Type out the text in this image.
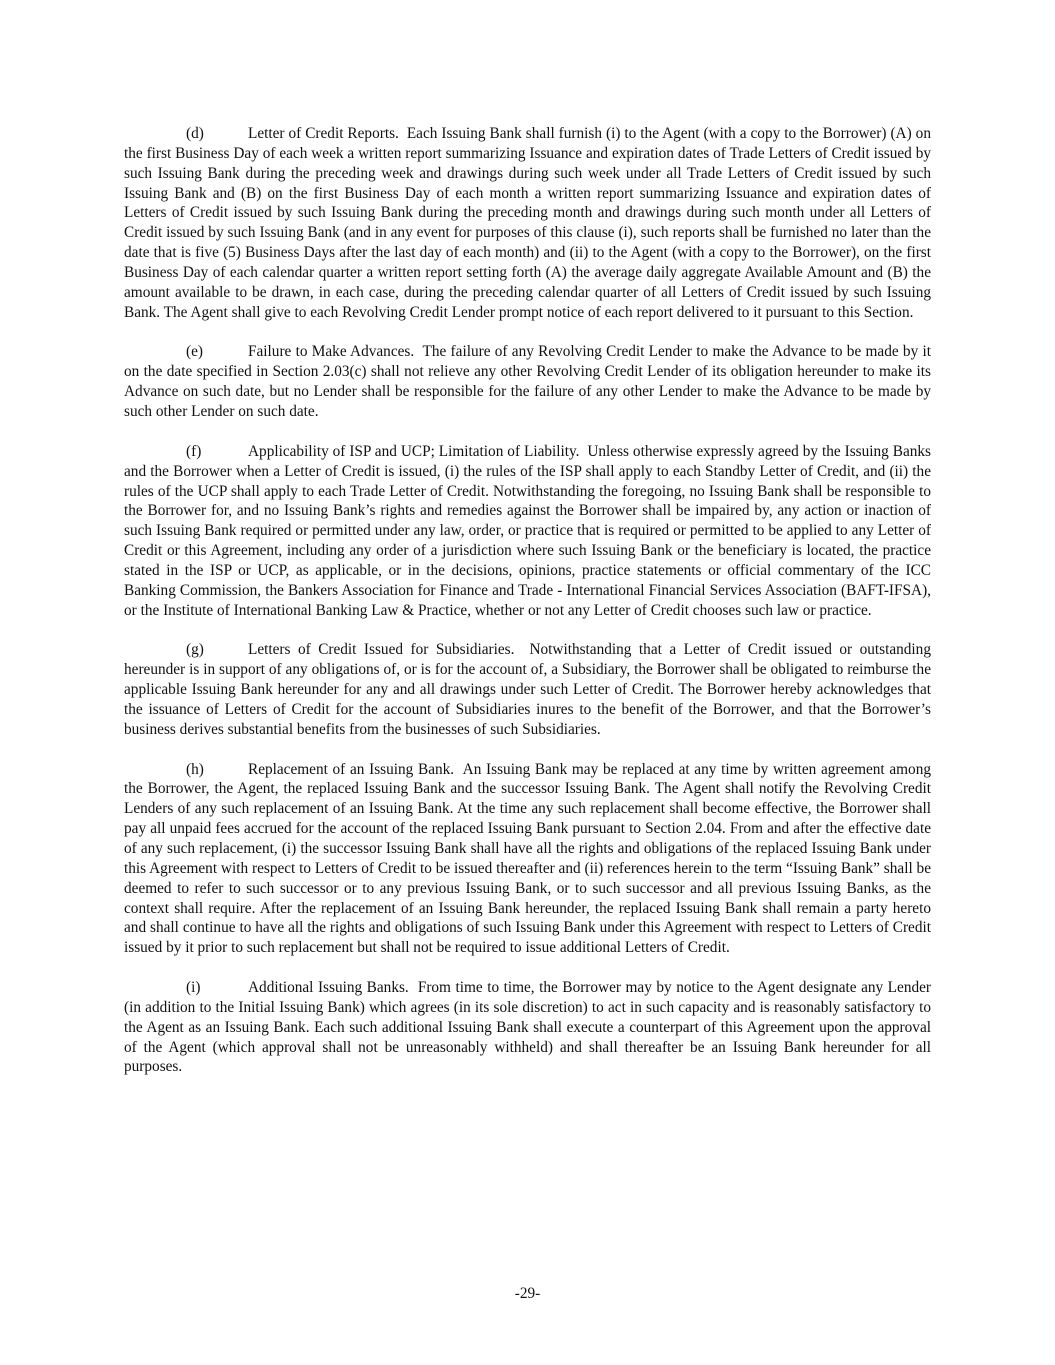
(d)	Letter of Credit Reports. Each Issuing Bank shall furnish (i) to the Agent (with a copy to the Borrower) (A) on the first Business Day of each week a written report summarizing Issuance and expiration dates of Trade Letters of Credit issued by such Issuing Bank during the preceding week and drawings during such week under all Trade Letters of Credit issued by such Issuing Bank and (B) on the first Business Day of each month a written report summarizing Issuance and expiration dates of Letters of Credit issued by such Issuing Bank during the preceding month and drawings during such month under all Letters of Credit issued by such Issuing Bank (and in any event for purposes of this clause (i), such reports shall be furnished no later than the date that is five (5) Business Days after the last day of each month) and (ii) to the Agent (with a copy to the Borrower), on the first Business Day of each calendar quarter a written report setting forth (A) the average daily aggregate Available Amount and (B) the amount available to be drawn, in each case, during the preceding calendar quarter of all Letters of Credit issued by such Issuing Bank. The Agent shall give to each Revolving Credit Lender prompt notice of each report delivered to it pursuant to this Section.

(e)	Failure to Make Advances. The failure of any Revolving Credit Lender to make the Advance to be made by it on the date specified in Section 2.03(c) shall not relieve any other Revolving Credit Lender of its obligation hereunder to make its Advance on such date, but no Lender shall be responsible for the failure of any other Lender to make the Advance to be made by such other Lender on such date.

(f)	Applicability of ISP and UCP; Limitation of Liability. Unless otherwise expressly agreed by the Issuing Banks and the Borrower when a Letter of Credit is issued, (i) the rules of the ISP shall apply to each Standby Letter of Credit, and (ii) the rules of the UCP shall apply to each Trade Letter of Credit. Notwithstanding the foregoing, no Issuing Bank shall be responsible to the Borrower for, and no Issuing Bank’s rights and remedies against the Borrower shall be impaired by, any action or inaction of such Issuing Bank required or permitted under any law, order, or practice that is required or permitted to be applied to any Letter of Credit or this Agreement, including any order of a jurisdiction where such Issuing Bank or the beneficiary is located, the practice stated in the ISP or UCP, as applicable, or in the decisions, opinions, practice statements or official commentary of the ICC Banking Commission, the Bankers Association for Finance and Trade - International Financial Services Association (BAFT-IFSA), or the Institute of International Banking Law & Practice, whether or not any Letter of Credit chooses such law or practice.

(g)	Letters of Credit Issued for Subsidiaries. Notwithstanding that a Letter of Credit issued or outstanding hereunder is in support of any obligations of, or is for the account of, a Subsidiary, the Borrower shall be obligated to reimburse the applicable Issuing Bank hereunder for any and all drawings under such Letter of Credit. The Borrower hereby acknowledges that the issuance of Letters of Credit for the account of Subsidiaries inures to the benefit of the Borrower, and that the Borrower’s business derives substantial benefits from the businesses of such Subsidiaries.

(h)	Replacement of an Issuing Bank. An Issuing Bank may be replaced at any time by written agreement among the Borrower, the Agent, the replaced Issuing Bank and the successor Issuing Bank. The Agent shall notify the Revolving Credit Lenders of any such replacement of an Issuing Bank. At the time any such replacement shall become effective, the Borrower shall pay all unpaid fees accrued for the account of the replaced Issuing Bank pursuant to Section 2.04. From and after the effective date of any such replacement, (i) the successor Issuing Bank shall have all the rights and obligations of the replaced Issuing Bank under this Agreement with respect to Letters of Credit to be issued thereafter and (ii) references herein to the term “Issuing Bank” shall be deemed to refer to such successor or to any previous Issuing Bank, or to such successor and all previous Issuing Banks, as the context shall require. After the replacement of an Issuing Bank hereunder, the replaced Issuing Bank shall remain a party hereto and shall continue to have all the rights and obligations of such Issuing Bank under this Agreement with respect to Letters of Credit issued by it prior to such replacement but shall not be required to issue additional Letters of Credit.

(i)	Additional Issuing Banks. From time to time, the Borrower may by notice to the Agent designate any Lender (in addition to the Initial Issuing Bank) which agrees (in its sole discretion) to act in such capacity and is reasonably satisfactory to the Agent as an Issuing Bank. Each such additional Issuing Bank shall execute a counterpart of this Agreement upon the approval of the Agent (which approval shall not be unreasonably withheld) and shall thereafter be an Issuing Bank hereunder for all purposes.

-29-
